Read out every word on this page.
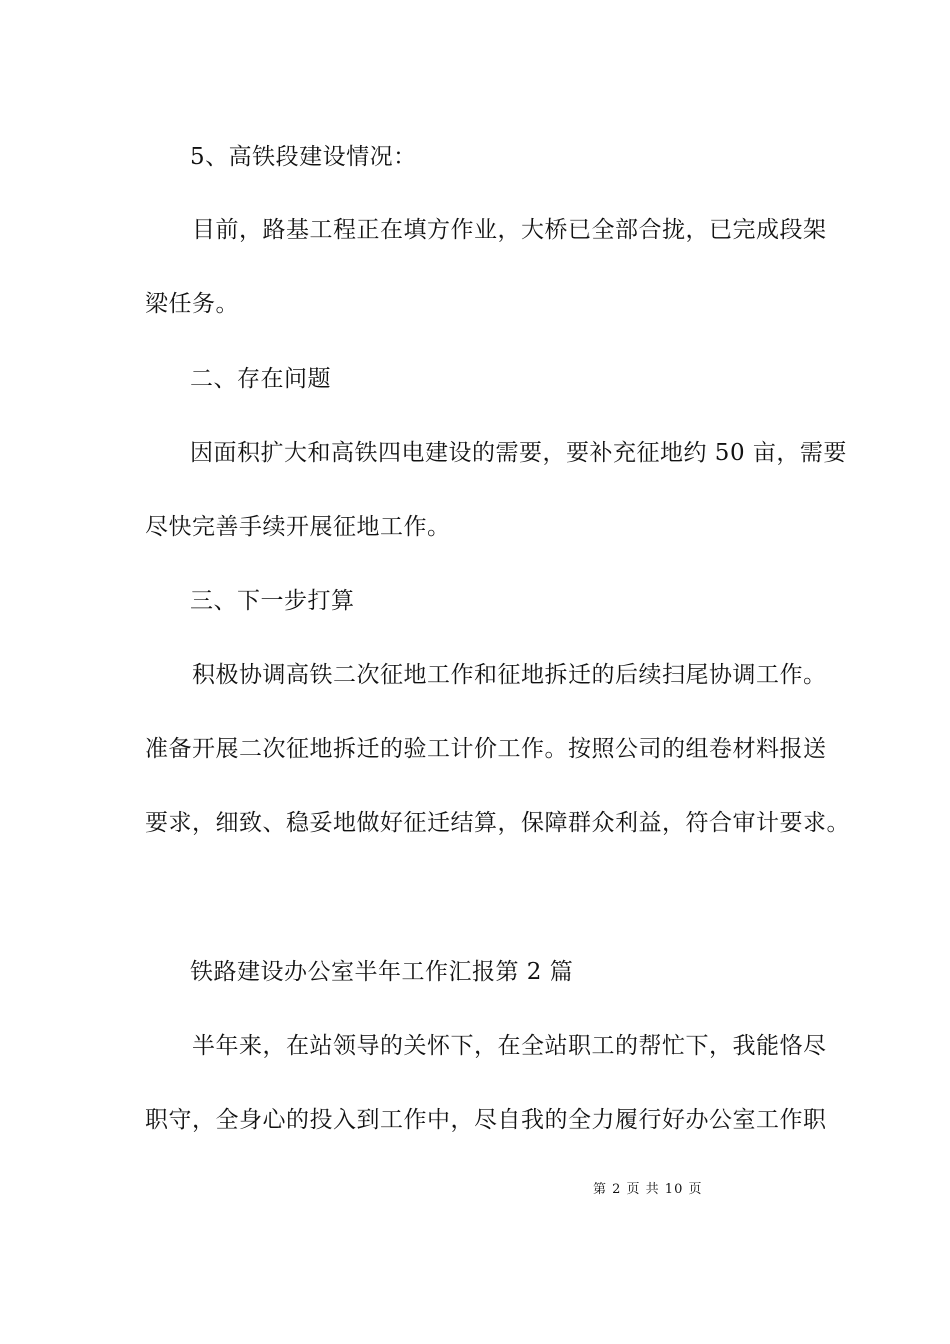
5、高铁段建设情况：
目前，路基工程正在填方作业，大桥已全部合拢，已完成段架
梁任务。
二、存在问题
因面积扩大和高铁四电建设的需要，要补充征地约 50 亩，需要
尽快完善手续开展征地工作。
三、下一步打算
积极协调高铁二次征地工作和征地拆迁的后续扫尾协调工作。
准备开展二次征地拆迁的验工计价工作。按照公司的组卷材料报送
要求，细致、稳妥地做好征迁结算，保障群众利益，符合审计要求。
铁路建设办公室半年工作汇报第 2 篇
半年来，在站领导的关怀下，在全站职工的帮忙下，我能恪尽
职守，全身心的投入到工作中，尽自我的全力履行好办公室工作职
第 2 页 共 10 页
